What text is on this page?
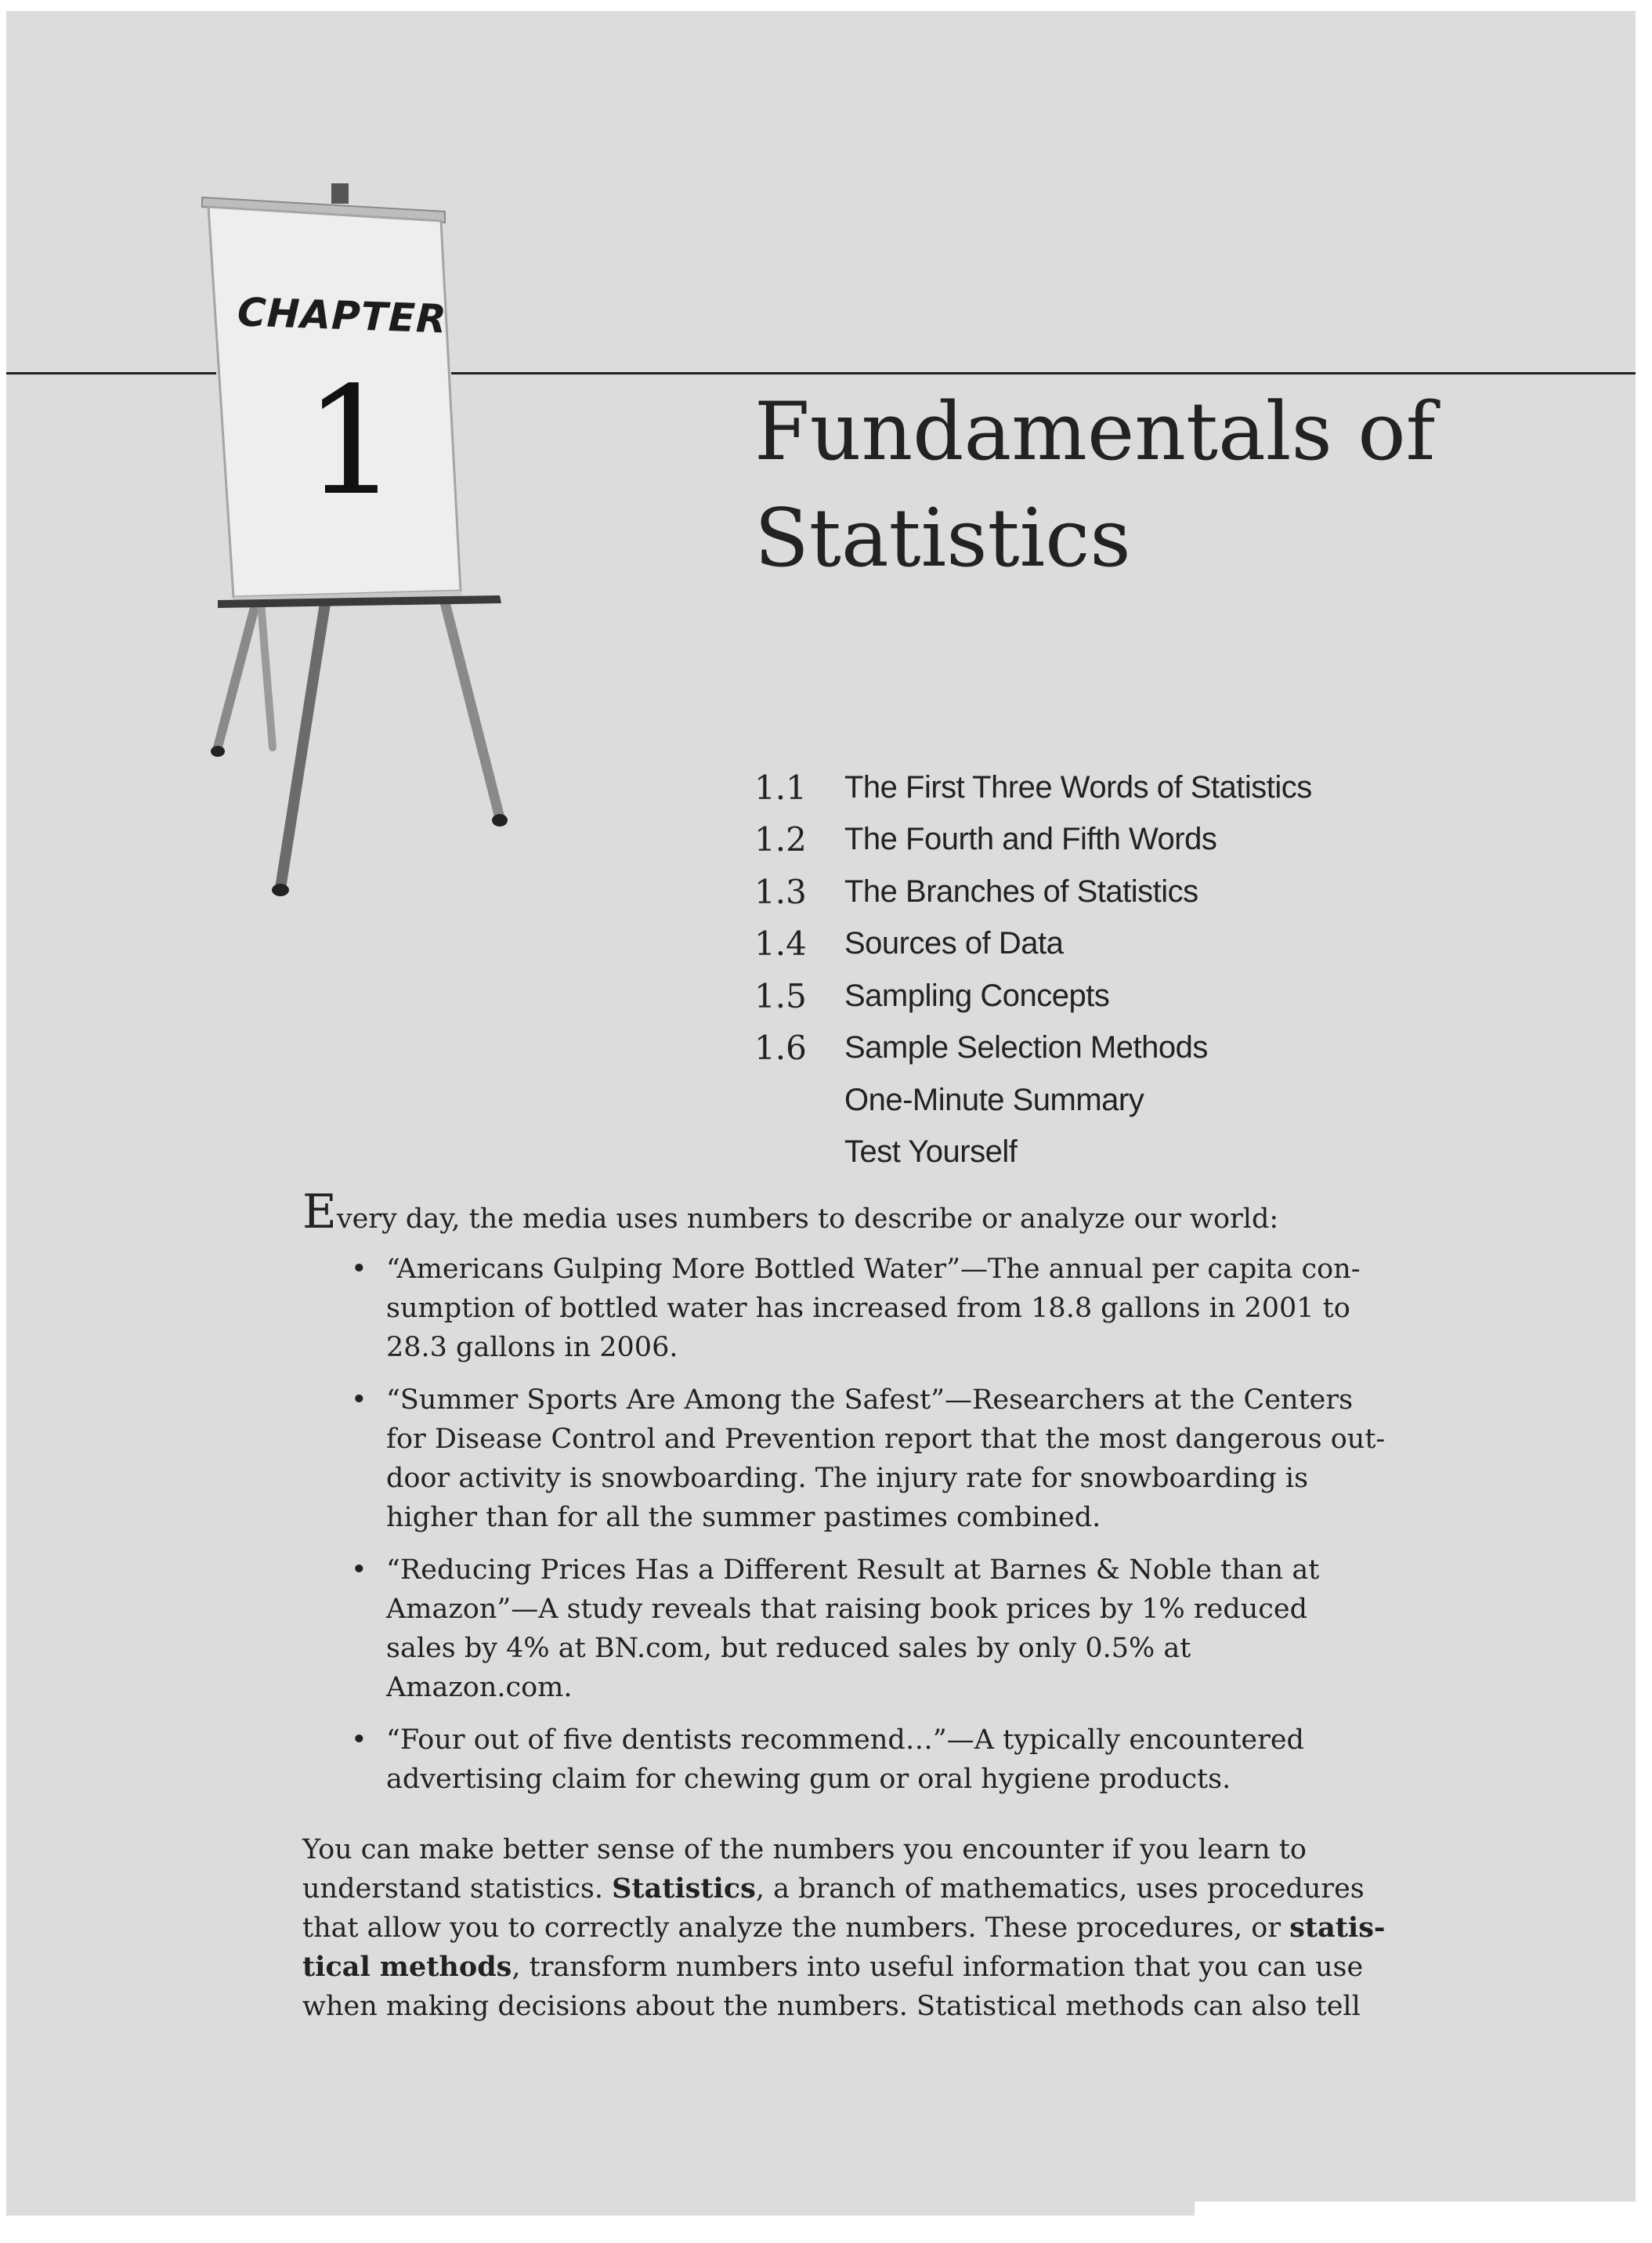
CHAPTER
1	Fundamentals of
Statistics
1.1	The First Three Words of Statistics
1.2	The Fourth and Fifth Words
1.3	The Branches of Statistics
1.4	Sources of Data
1.5	Sampling Concepts
1.6	Sample Selection Methods
One-Minute Summary
Test Yourself

Every day, the media uses numbers to describe or analyze our world:

• “Americans Gulping More Bottled Water”—The annual per capita con-
sumption of bottled water has increased from 18.8 gallons in 2001 to
28.3 gallons in 2006.
• “Summer Sports Are Among the Safest”—Researchers at the Centers
for Disease Control and Prevention report that the most dangerous out-
door activity is snowboarding. The injury rate for snowboarding is
higher than for all the summer pastimes combined.
• “Reducing Prices Has a Different Result at Barnes & Noble than at
Amazon”—A study reveals that raising book prices by 1% reduced
sales by 4% at BN.com, but reduced sales by only 0.5% at
Amazon.com.
• “Four out of five dentists recommend…”—A typically encountered
advertising claim for chewing gum or oral hygiene products.

You can make better sense of the numbers you encounter if you learn to
understand statistics. Statistics, a branch of mathematics, uses procedures
that allow you to correctly analyze the numbers. These procedures, or statis-
tical methods, transform numbers into useful information that you can use
when making decisions about the numbers. Statistical methods can also tell
